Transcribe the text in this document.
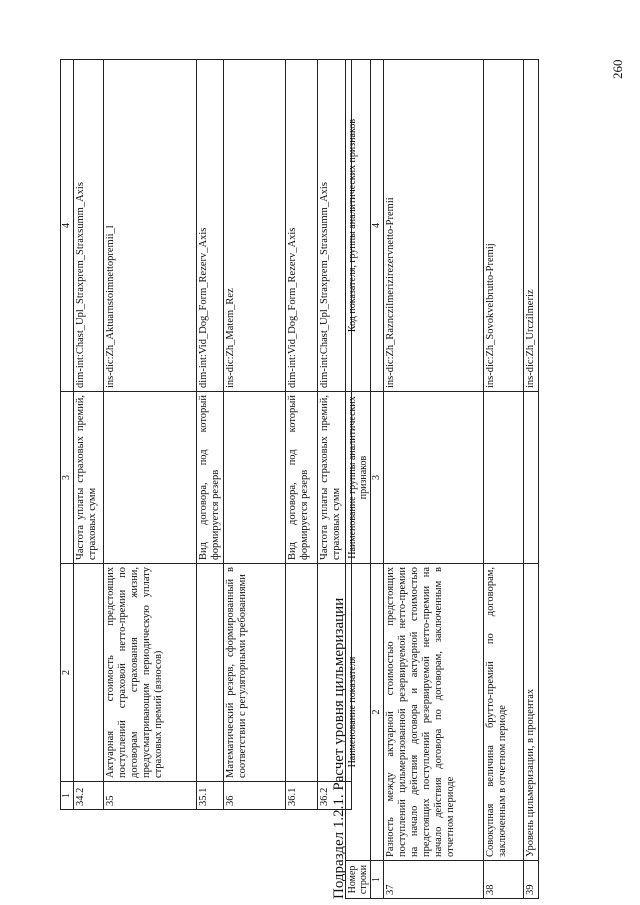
1	2	3	4
34.2		Частота уплаты страховых премий, страховых сумм	dim-int:Chast_Upl_Straxprem_Straxsumm_Axis
35	Актуарная стоимость предстоящих поступлений страховой нетто-премии по договорам страхования жизни, предусматривающим периодическую уплату страховых премий (взносов)		ins-dic:Zh_Aktuarnstoimnettopremii_l
35.1		Вид договора, под который формируется резерв	dim-int:Vid_Dog_Form_Rezerv_Axis
36	Математический резерв, сформированный в соответствии с регуляторными требованиями		ins-dic:Zh_Matem_Rez
36.1		Вид договора, под который формируется резерв	dim-int:Vid_Dog_Form_Rezerv_Axis
36.2		Частота уплаты страховых премий, страховых сумм	dim-int:Chast_Upl_Straxprem_Straxsumm_Axis
Подраздел 1.2.1. Расчет уровня цильмеризации Номер строки	Наименование показателя	Наименование группы аналитических признаков	Код показателя, группы аналитических признаков
1	2	3	4
37	Разность между актуарной стоимостью предстоящих поступлений цильмеризованной резервируемой нетто-премии на начало действия договора и актуарной стоимостью предстоящих поступлений резервируемой нетто-премии на начало действия договора по договорам, заключенным в отчетном периоде		ins-dic:Zh_Raznczilmerizirezervnetto-Premii
38	Совокупная величина брутто-премий по договорам, заключенным в отчетном периоде		ins-dic:Zh_Sovokvelbrutto-Premij
39	Уровень цильмеризации, в процентах		ins-dic:Zh_Urczilmeriz
260
